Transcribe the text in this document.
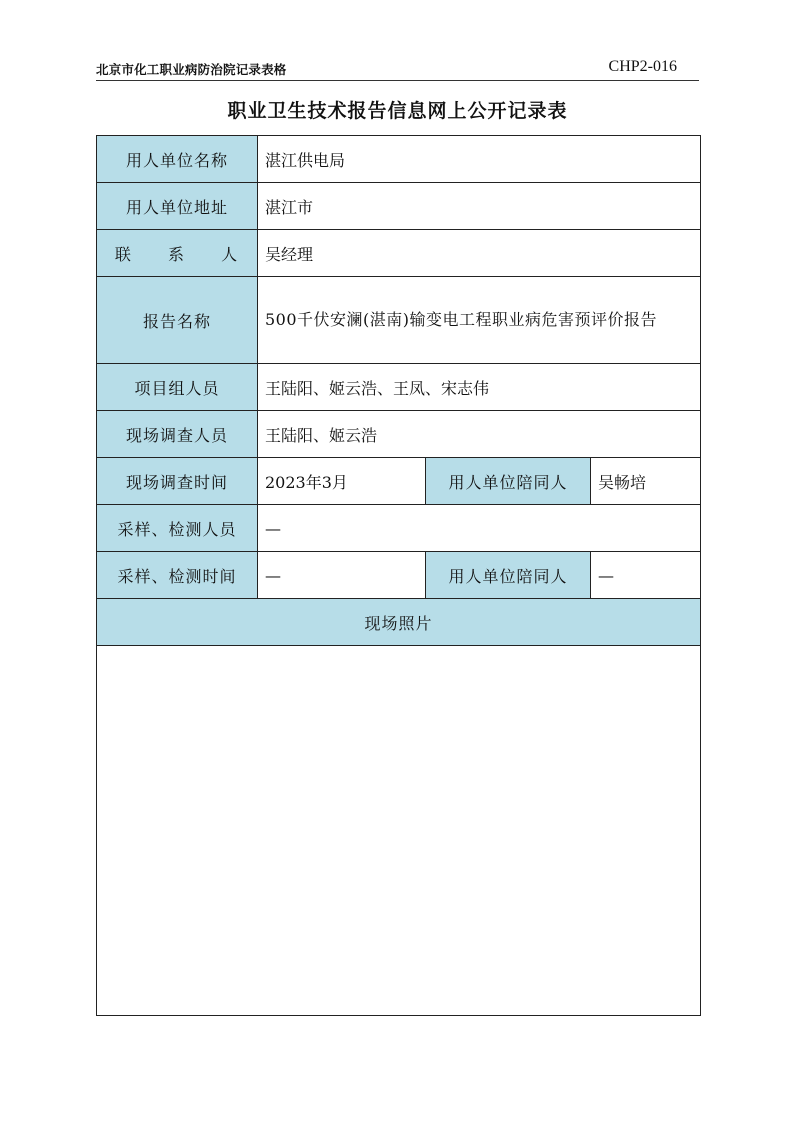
北京市化工职业病防治院记录表格	CHP2-016
职业卫生技术报告信息网上公开记录表
用人单位名称	湛江供电局		
用人单位地址	湛江市		
联 系 人	吴经理		
报告名称	500千伏安澜(湛南)输变电工程职业病危害预评价报告		
项目组人员	王陆阳、姬云浩、王凤、宋志伟		
现场调查人员	王陆阳、姬云浩		
现场调查时间	2023年3月	用人单位陪同人	吴畅培
采样、检测人员	—		
采样、检测时间	—	用人单位陪同人	—
现场照片			
